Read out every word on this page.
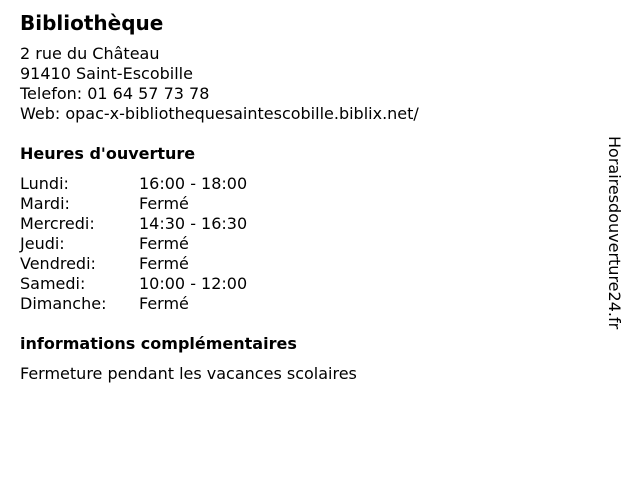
Bibliothèque
2 rue du Château
91410 Saint-Escobille
Telefon: 01 64 57 73 78
Web: opac-x-bibliothequesaintescobille.biblix.net/
Heures d'ouverture
Lundi:	16:00 - 18:00
Mardi:	Fermé
Mercredi:	14:30 - 16:30
Jeudi:	Fermé
Vendredi:	Fermé
Samedi:	10:00 - 12:00
Dimanche:	Fermé
informations complémentaires
Fermeture pendant les vacances scolaires
Horairesdouverture24.fr
